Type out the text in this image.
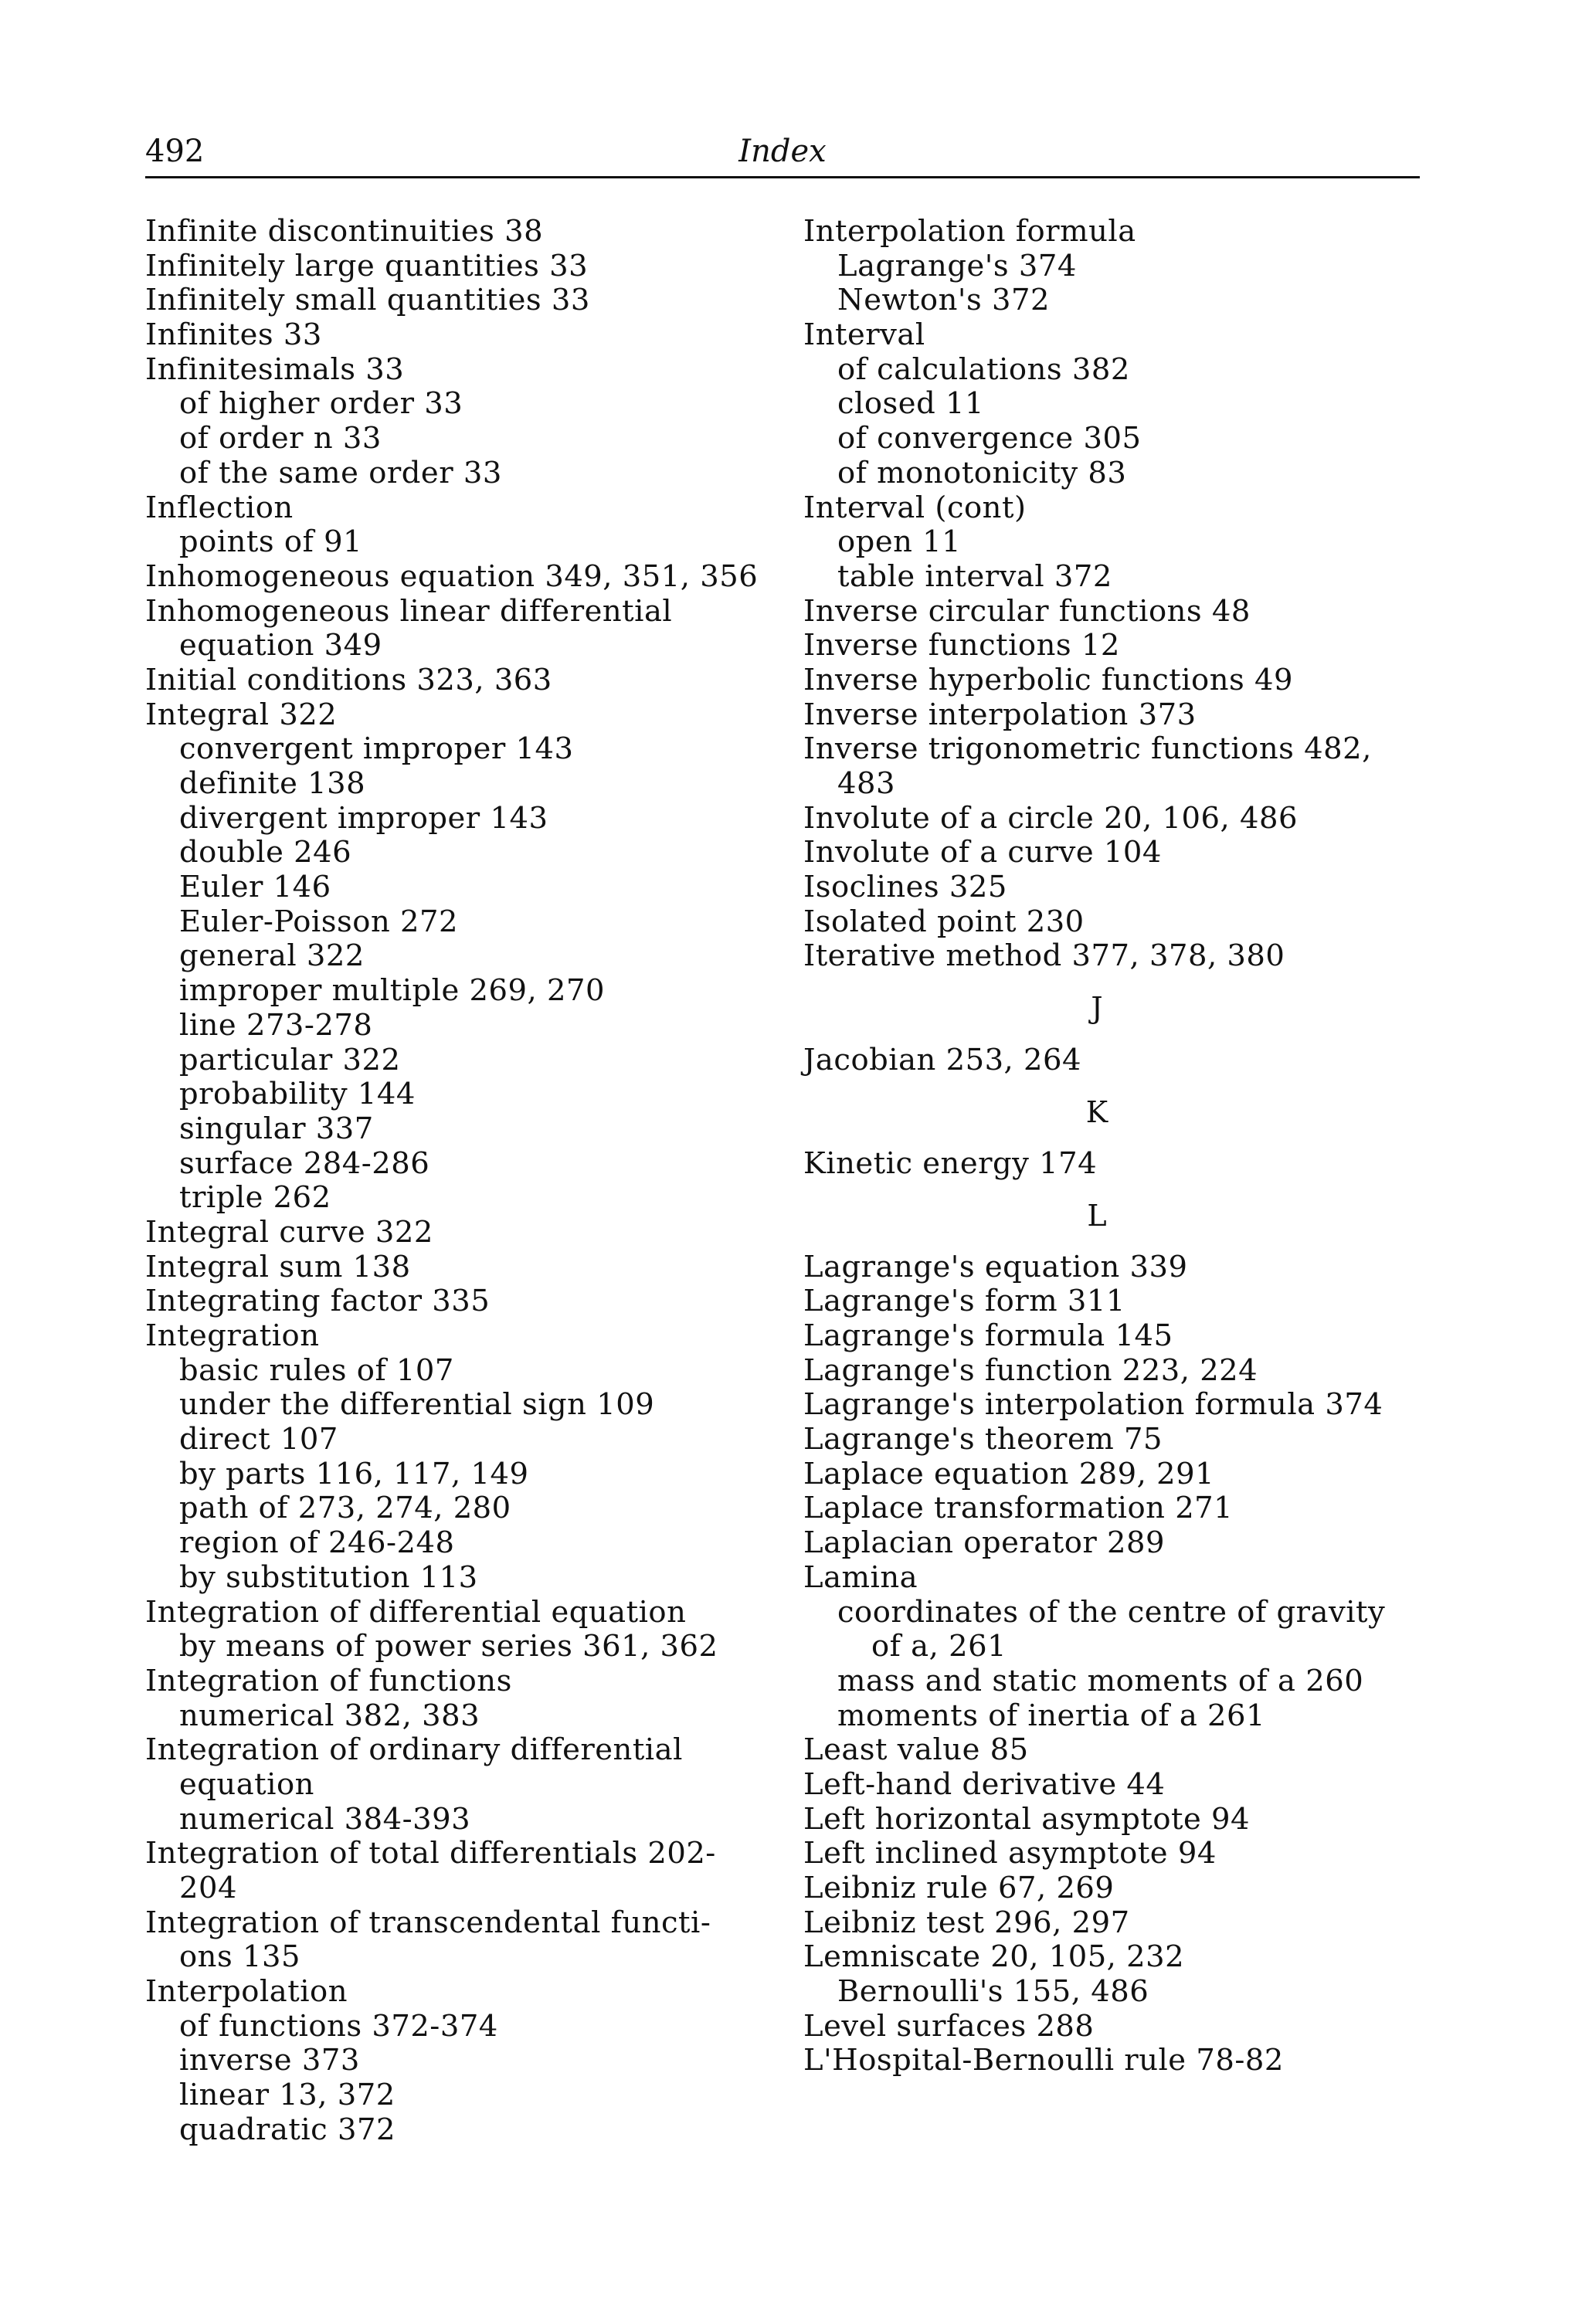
492	Index
Infinite discontinuities 38
Infinitely large quantities 33
Infinitely small quantities 33
Infinites 33
Infinitesimals 33
of higher order 33
of order n 33
of the same order 33
Inflection
points of 91
Inhomogeneous equation 349, 351, 356
Inhomogeneous linear differential
equation 349
Initial conditions 323, 363
Integral 322
convergent improper 143
definite 138
divergent improper 143
double 246
Euler 146
Euler-Poisson 272
general 322
improper multiple 269, 270
line 273-278
particular 322
probability 144
singular 337
surface 284-286
triple 262
Integral curve 322
Integral sum 138
Integrating factor 335
Integration
basic rules of 107
under the differential sign 109
direct 107
by parts 116, 117, 149
path of 273, 274, 280
region of 246-248
by substitution 113
Integration of differential equation
by means of power series 361, 362
Integration of functions
numerical 382, 383
Integration of ordinary differential
equation
numerical 384-393
Integration of total differentials 202-
204
Integration of transcendental functi-
ons 135
Interpolation
of functions 372-374
inverse 373
linear 13, 372
quadratic 372
Interpolation formula
Lagrange's 374
Newton's 372
Interval
of calculations 382
closed 11
of convergence 305
of monotonicity 83
Interval (cont)
open 11
table interval 372
Inverse circular functions 48
Inverse functions 12
Inverse hyperbolic functions 49
Inverse interpolation 373
Inverse trigonometric functions 482,
483
Involute of a circle 20, 106, 486
Involute of a curve 104
Isoclines 325
Isolated point 230
Iterative method 377, 378, 380
J
Jacobian 253, 264
K
Kinetic energy 174
L
Lagrange's equation 339
Lagrange's form 311
Lagrange's formula 145
Lagrange's function 223, 224
Lagrange's interpolation formula 374
Lagrange's theorem 75
Laplace equation 289, 291
Laplace transformation 271
Laplacian operator 289
Lamina
coordinates of the centre of gravity
of a, 261
mass and static moments of a 260
moments of inertia of a 261
Least value 85
Left-hand derivative 44
Left horizontal asymptote 94
Left inclined asymptote 94
Leibniz rule 67, 269
Leibniz test 296, 297
Lemniscate 20, 105, 232
Bernoulli's 155, 486
Level surfaces 288
L'Hospital-Bernoulli rule 78-82
